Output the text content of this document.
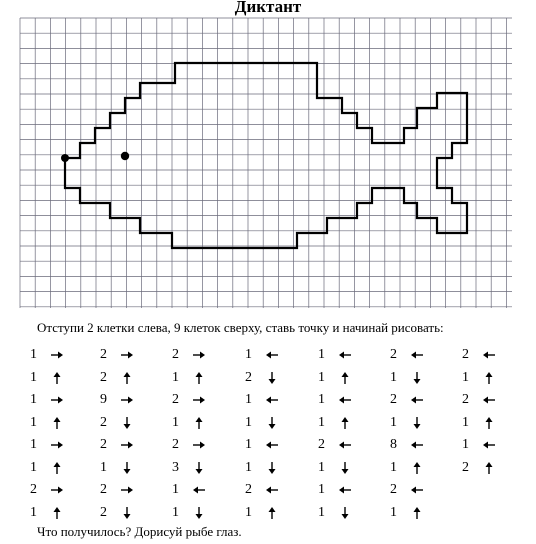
Диктант
Отступи 2 клетки слева, 9 клеток сверху, ставь точку и начинай рисовать:
1
1
1
1
1
1
2
1
2
2
9
2
2
1
2
2
2
1
2
1
2
3
1
1
1
2
1
1
1
1
2
1
1
1
1
1
2
1
1
1
2
1
2
1
8
1
2
1
2
1
2
1
1
2
Что получилось? Дорисуй рыбе глаз.
